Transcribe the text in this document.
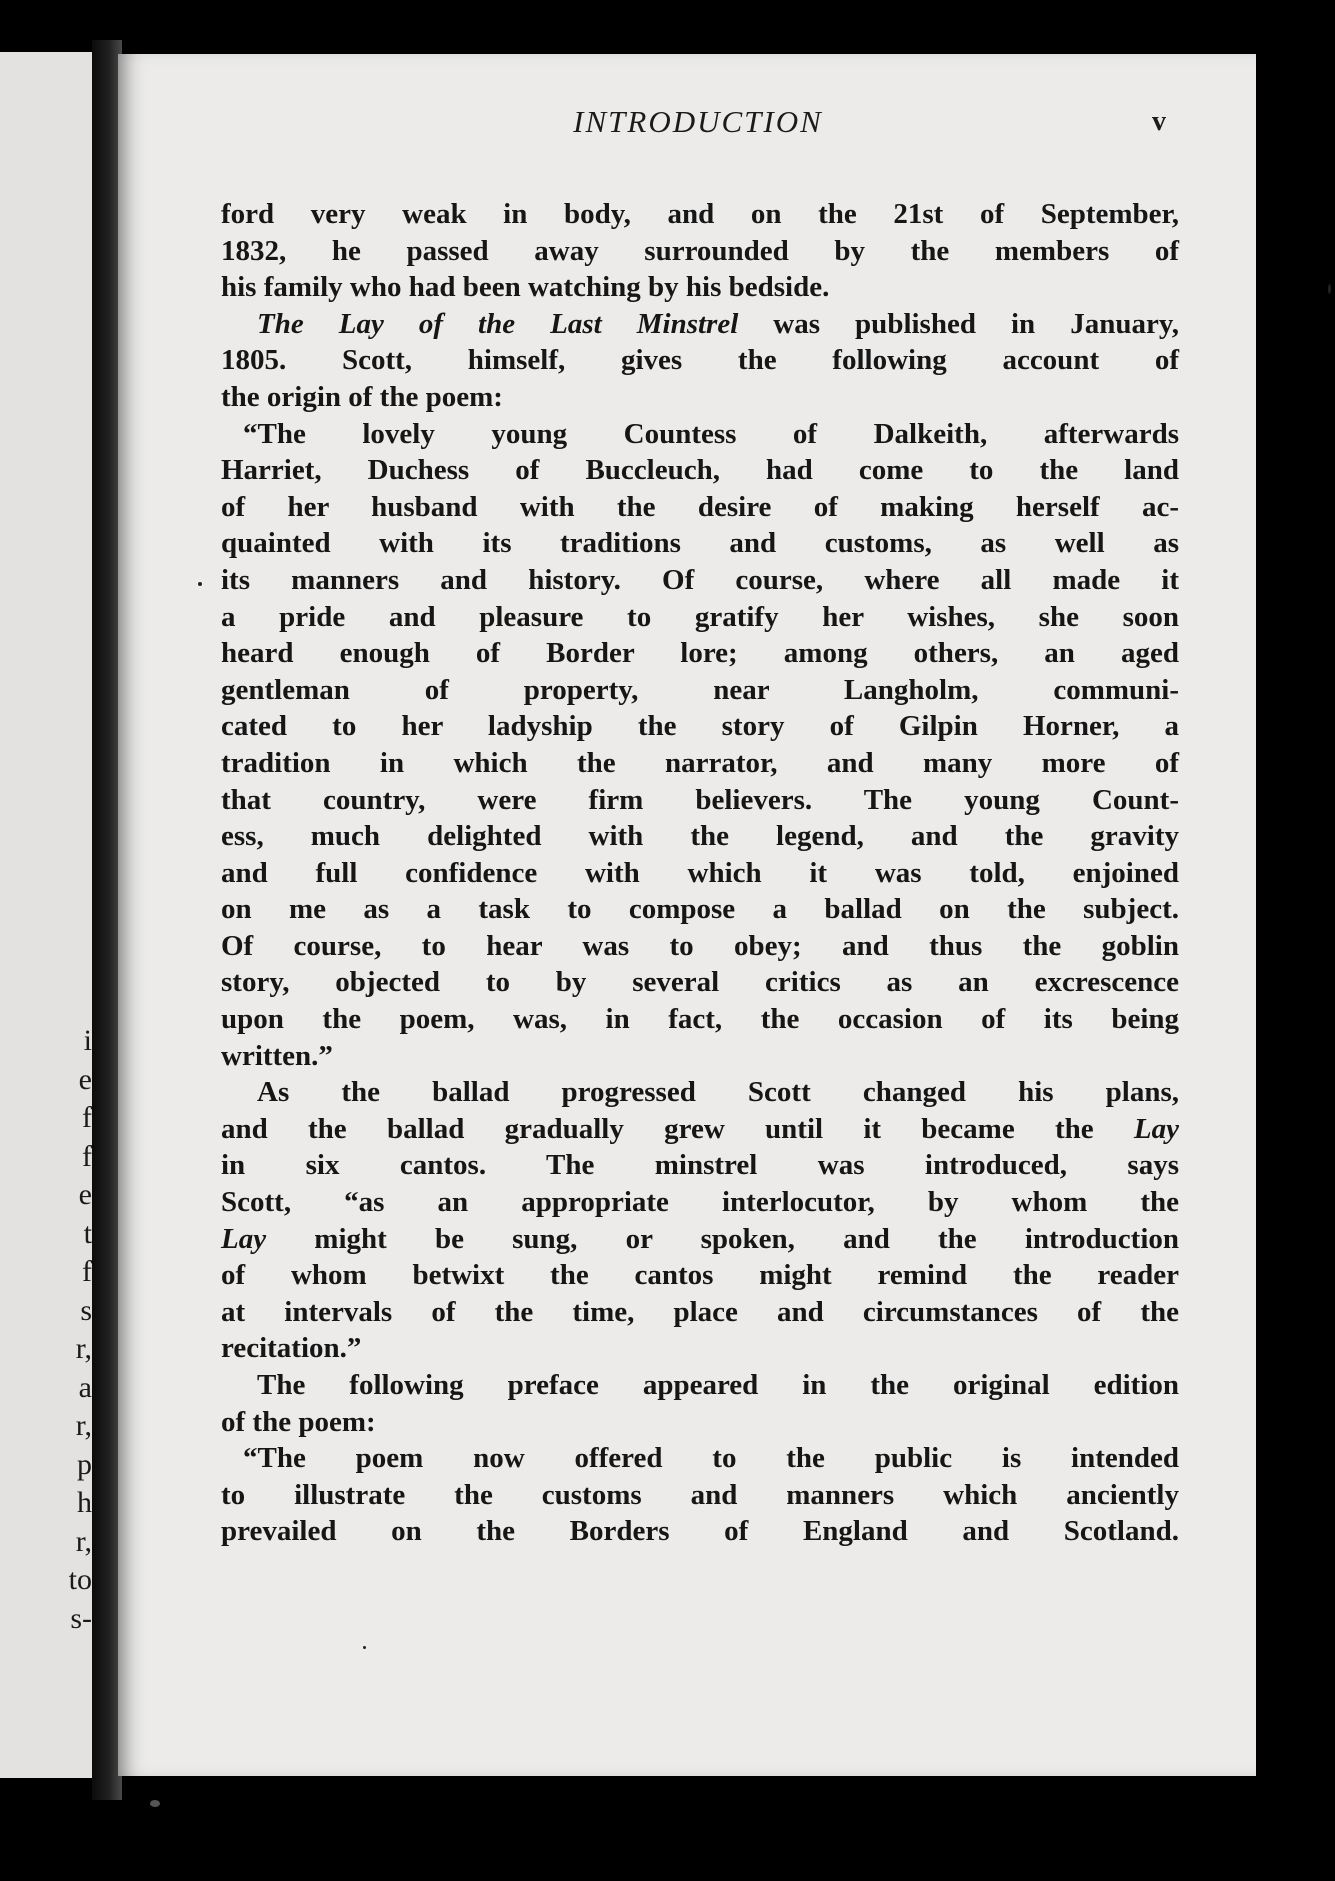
i
e
f
f
e
t
f
s
r,
a
r,
p
h
r,
to
s-
INTRODUCTION	v
ford very weak in body, and on the 21st of September,
1832, he passed away surrounded by the members of
his family who had been watching by his bedside.
The Lay of the Last Minstrel was published in January,
1805. Scott, himself, gives the following account of
the origin of the poem:
“The lovely young Countess of Dalkeith, afterwards
Harriet, Duchess of Buccleuch, had come to the land
of her husband with the desire of making herself ac-
quainted with its traditions and customs, as well as
its manners and history. Of course, where all made it
a pride and pleasure to gratify her wishes, she soon
heard enough of Border lore; among others, an aged
gentleman of property, near Langholm, communi-
cated to her ladyship the story of Gilpin Horner, a
tradition in which the narrator, and many more of
that country, were firm believers. The young Count-
ess, much delighted with the legend, and the gravity
and full confidence with which it was told, enjoined
on me as a task to compose a ballad on the subject.
Of course, to hear was to obey; and thus the goblin
story, objected to by several critics as an excrescence
upon the poem, was, in fact, the occasion of its being
written.”
As the ballad progressed Scott changed his plans,
and the ballad gradually grew until it became the Lay
in six cantos. The minstrel was introduced, says
Scott, “as an appropriate interlocutor, by whom the
Lay might be sung, or spoken, and the introduction
of whom betwixt the cantos might remind the reader
at intervals of the time, place and circumstances of the
recitation.”
The following preface appeared in the original edition
of the poem:
“The poem now offered to the public is intended
to illustrate the customs and manners which anciently
prevailed on the Borders of England and Scotland.
